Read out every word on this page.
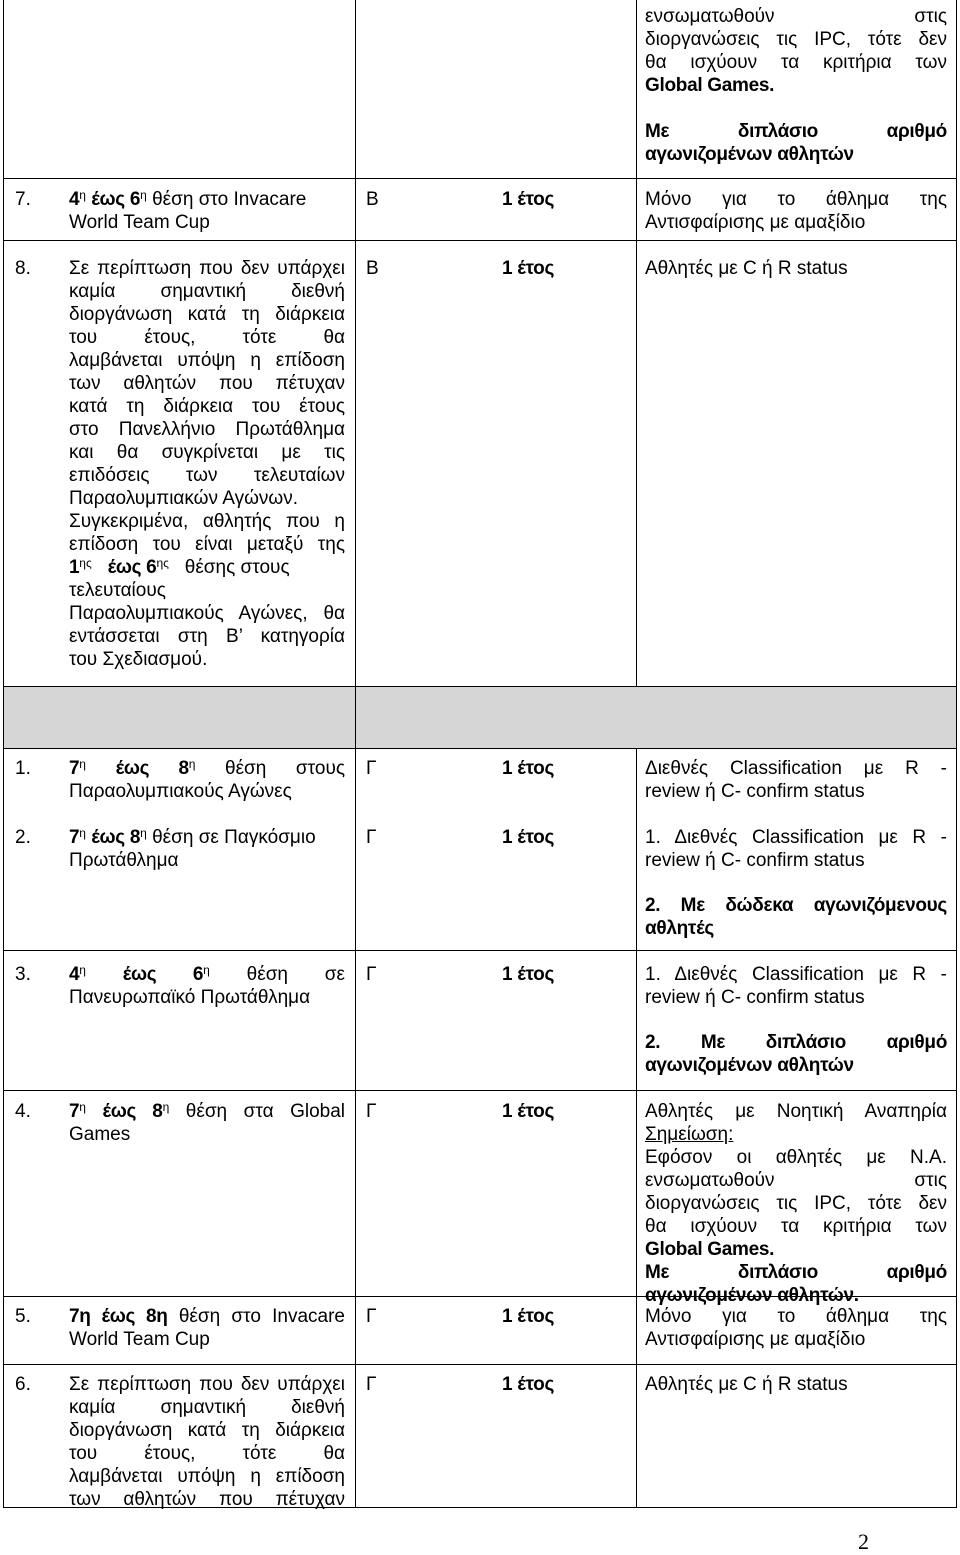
ενσωματωθούν στις
διοργανώσεις τις IPC, τότε δεν
θα ισχύουν τα κριτήρια των
Global Games.
Με διπλάσιο αριθμό
αγωνιζομένων αθλητών
7. $4^\eta$ έως $6^\eta$ θέση στο Invacare
World Team Cup
Β	1 έτος	Μόνο για το άθλημα της
Αντισφαίρισης με αμαξίδιο
8. Σε περίπτωση που δεν υπάρχει
καμία σημαντική διεθνή
διοργάνωση κατά τη διάρκεια
του έτους, τότε θα
λαμβάνεται υπόψη η επίδοση
των αθλητών που πέτυχαν
κατά τη διάρκεια του έτους
στο Πανελλήνιο Πρωτάθλημα
και θα συγκρίνεται με τις
επιδόσεις των τελευταίων
Παραολυμπιακών Αγώνων.
Συγκεκριμένα, αθλητής που η
επίδοση του είναι μεταξύ της
$1^{\eta\varsigma}$ έως $6^{\eta\varsigma}$ θέσης στους
τελευταίους
Παραολυμπιακούς Αγώνες, θα
εντάσσεται στη Β’ κατηγορία
του Σχεδιασμού.
Β	1 έτος	Αθλητές με C ή R status
1. $7^\eta$ έως $8^\eta$ θέση στους
Παραολυμπιακούς Αγώνες
Γ	1 έτος	Διεθνές Classification με R -
review ή C- confirm status
2. $7^\eta$ έως $8^\eta$ θέση σε Παγκόσμιο
Πρωτάθλημα
Γ	1 έτος	1. Διεθνές Classification με R -
review ή C- confirm status
2. Με δώδεκα αγωνιζόμενους
αθλητές
3. $4^\eta$ έως $6^\eta$ θέση σε
Πανευρωπαϊκό Πρωτάθλημα
Γ	1 έτος	1. Διεθνές Classification με R -
review ή C- confirm status
2. Με διπλάσιο αριθμό
αγωνιζομένων αθλητών
4. $7^\eta$ έως $8^\eta$ θέση στα Global
Games
Γ	1 έτος	Αθλητές με Νοητική Αναπηρία
Σημείωση:
Εφόσον οι αθλητές με Ν.Α.
ενσωματωθούν στις
διοργανώσεις τις IPC, τότε δεν
θα ισχύουν τα κριτήρια των
Global Games.
Με διπλάσιο αριθμό
αγωνιζομένων αθλητών.
5. 7η έως 8η θέση στο Invacare
World Team Cup
Γ	1 έτος	Μόνο για το άθλημα της
Αντισφαίρισης με αμαξίδιο
6. Σε περίπτωση που δεν υπάρχει
καμία σημαντική διεθνή
διοργάνωση κατά τη διάρκεια
του έτους, τότε θα
λαμβάνεται υπόψη η επίδοση
των αθλητών που πέτυχαν
Γ	1 έτος	Αθλητές με C ή R status
2
